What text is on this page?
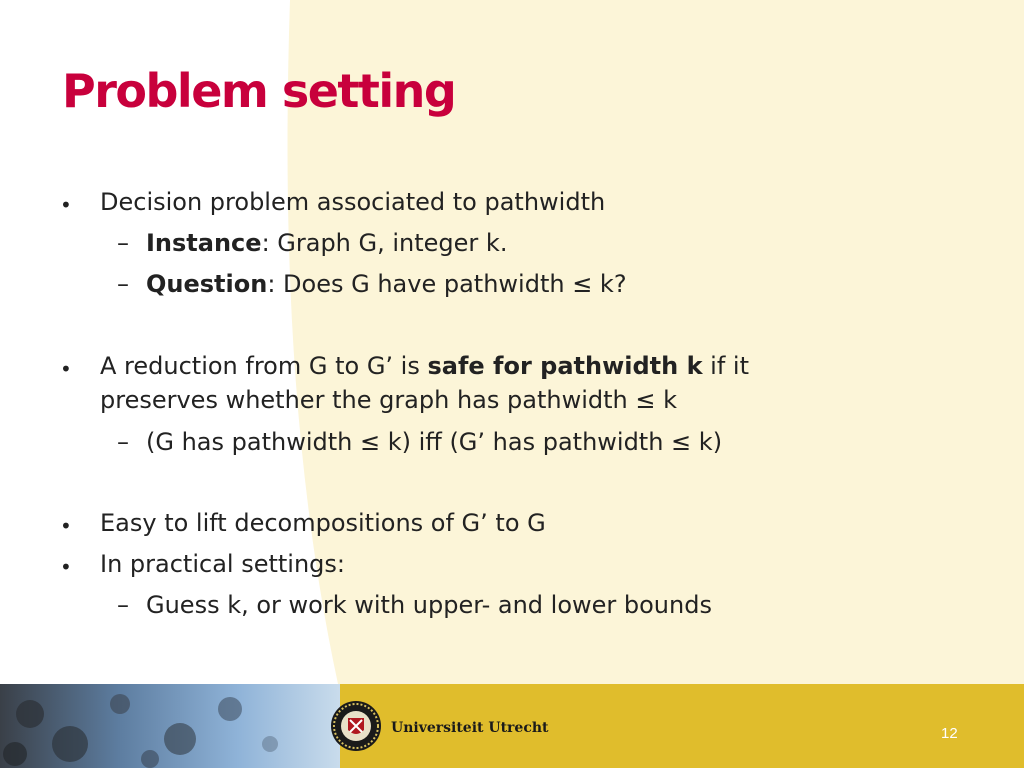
Problem setting
• Decision problem associated to pathwidth
– Instance: Graph G, integer k.
– Question: Does G have pathwidth ≤ k?
• A reduction from G to G’ is safe for pathwidth k if it
preserves whether the graph has pathwidth ≤ k
– (G has pathwidth ≤ k) iff (G’ has pathwidth ≤ k)
• Easy to lift decompositions of G’ to G
• In practical settings:
– Guess k, or work with upper- and lower bounds
Universiteit Utrecht	12
